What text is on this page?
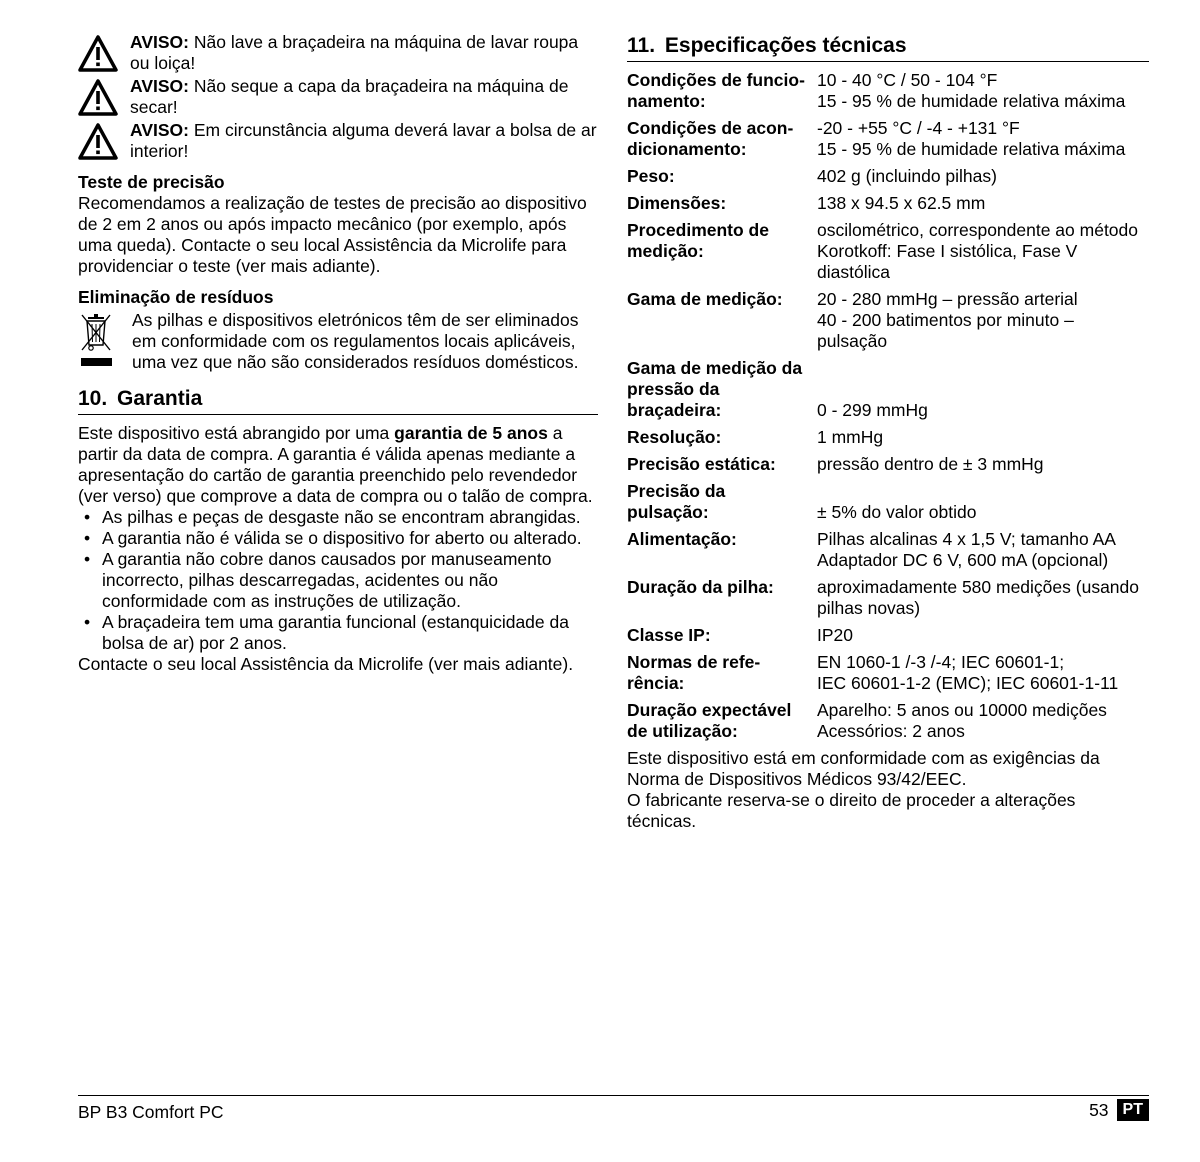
AVISO: Não lave a braçadeira na máquina de lavar roupa ou loiça!
AVISO: Não seque a capa da braçadeira na máquina de secar!
AVISO: Em circunstância alguma deverá lavar a bolsa de ar interior!
Teste de precisão

Recomendamos a realização de testes de precisão ao dispositivo de 2 em 2 anos ou após impacto mecânico (por exemplo, após uma queda). Contacte o seu local Assistência da Microlife para providenciar o teste (ver mais adiante).

Eliminação de resíduos
As pilhas e dispositivos eletrónicos têm de ser eliminados em conformidade com os regulamentos locais aplicáveis, uma vez que não são considerados resíduos domésticos.
10. Garantia

Este dispositivo está abrangido por uma garantia de 5 anos a partir da data de compra. A garantia é válida apenas mediante a apresentação do cartão de garantia preenchido pelo revendedor (ver verso) que comprove a data de compra ou o talão de compra.

• As pilhas e peças de desgaste não se encontram abrangidas.
• A garantia não é válida se o dispositivo for aberto ou alterado.
• A garantia não cobre danos causados por manuseamento incorrecto, pilhas descarregadas, acidentes ou não conformidade com as instruções de utilização.
• A braçadeira tem uma garantia funcional (estanquicidade da bolsa de ar) por 2 anos.

Contacte o seu local Assistência da Microlife (ver mais adiante).

11. Especificações técnicas
Condições de funcio-
namento:	10 - 40 °C / 50 - 104 °F
15 - 95 % de humidade relativa máxima

Condições de acon-
dicionamento:	-20 - +55 °C / -4 - +131 °F
15 - 95 % de humidade relativa máxima

Peso:	402 g (incluindo pilhas)

Dimensões:	138 x 94.5 x 62.5 mm

Procedimento de
medição:	oscilométrico, correspondente ao método
Korotkoff: Fase I sistólica, Fase V diastólica

Gama de medição:	20 - 280 mmHg – pressão arterial
40 - 200 batimentos por minuto –
pulsação

Gama de medição da
pressão da braçadeira:	0 - 299 mmHg

Resolução:	1 mmHg

Precisão estática:	pressão dentro de ± 3 mmHg

Precisão da
pulsação:	± 5% do valor obtido

Alimentação:	Pilhas alcalinas 4 x 1,5 V; tamanho AA
Adaptador DC 6 V, 600 mA (opcional)

Duração da pilha:	aproximadamente 580 medições (usando
pilhas novas)

Classe IP:	IP20

Normas de refe-
rência:	EN 1060-1 /-3 /-4; IEC 60601-1;
IEC 60601-1-2 (EMC); IEC 60601-1-11

Duração expectável
de utilização:	Aparelho: 5 anos ou 10000 medições
Acessórios: 2 anos

Este dispositivo está em conformidade com as exigências da Norma de Dispositivos Médicos 93/42/EEC.

O fabricante reserva-se o direito de proceder a alterações técnicas.

BP B3 Comfort PC	53 PT
